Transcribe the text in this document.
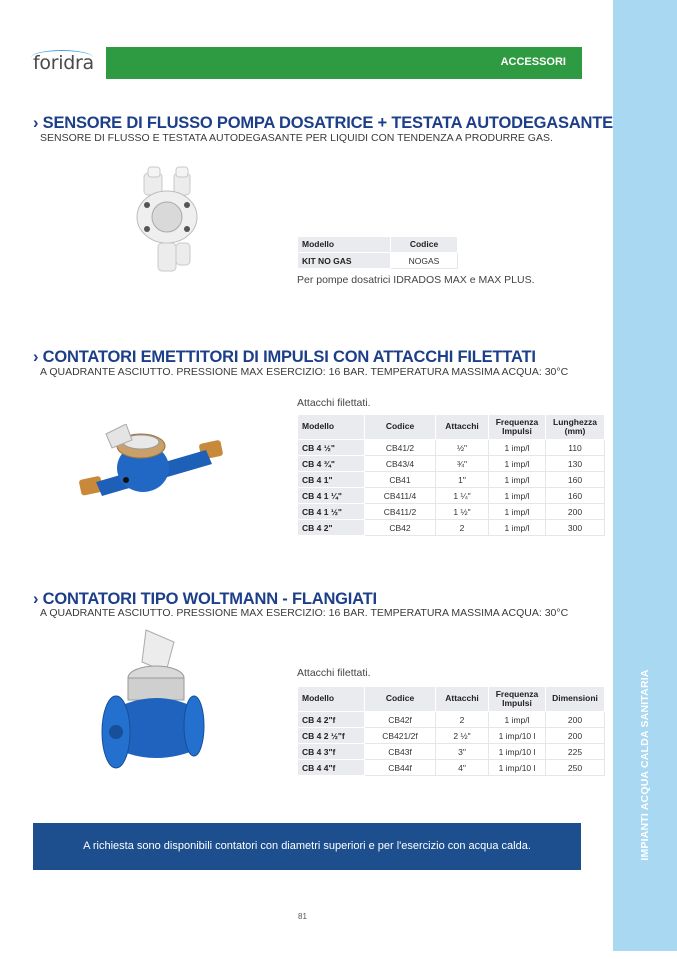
IMPIANTI ACQUA CALDA SANITARIA
foridra	ACCESSORI
› SENSORE DI FLUSSO POMPA DOSATRICE + TESTATA AUTODEGASANTE

SENSORE DI FLUSSO E TESTATA AUTODEGASANTE PER LIQUIDI CON TENDENZA A PRODURRE GAS.

Modello	Codice
KIT NO GAS	NOGAS
Per pompe dosatrici IDRADOS MAX e MAX PLUS.
› CONTATORI EMETTITORI DI IMPULSI CON ATTACCHI FILETTATI

A QUADRANTE ASCIUTTO. PRESSIONE MAX ESERCIZIO: 16 BAR. TEMPERATURA MASSIMA ACQUA: 30°C

Attacchi filettati.
Modello	Codice	Attacchi	Frequenza Impulsi	Lunghezza (mm)
CB 4 ½"	CB41/2	½"	1 imp/l	110
CB 4 ¾"	CB43/4	¾"	1 imp/l	130
CB 4 1"	CB41	1"	1 imp/l	160
CB 4 1 ¼"	CB411/4	1 ¼"	1 imp/l	160
CB 4 1 ½"	CB411/2	1 ½"	1 imp/l	200
CB 4 2"	CB42	2	1 imp/l	300
› CONTATORI TIPO WOLTMANN - FLANGIATI

A QUADRANTE ASCIUTTO. PRESSIONE MAX ESERCIZIO: 16 BAR. TEMPERATURA MASSIMA ACQUA: 30°C

Attacchi filettati.
Modello	Codice	Attacchi	Frequenza Impulsi	Dimensioni
CB 4 2"f	CB42f	2	1 imp/l	200
CB 4 2 ½"f	CB421/2f	2 ½"	1 imp/10 l	200
CB 4 3"f	CB43f	3"	1 imp/10 l	225
CB 4 4"f	CB44f	4"	1 imp/10 l	250
A richiesta sono disponibili contatori con diametri superiori e per l'esercizio con acqua calda.
81
